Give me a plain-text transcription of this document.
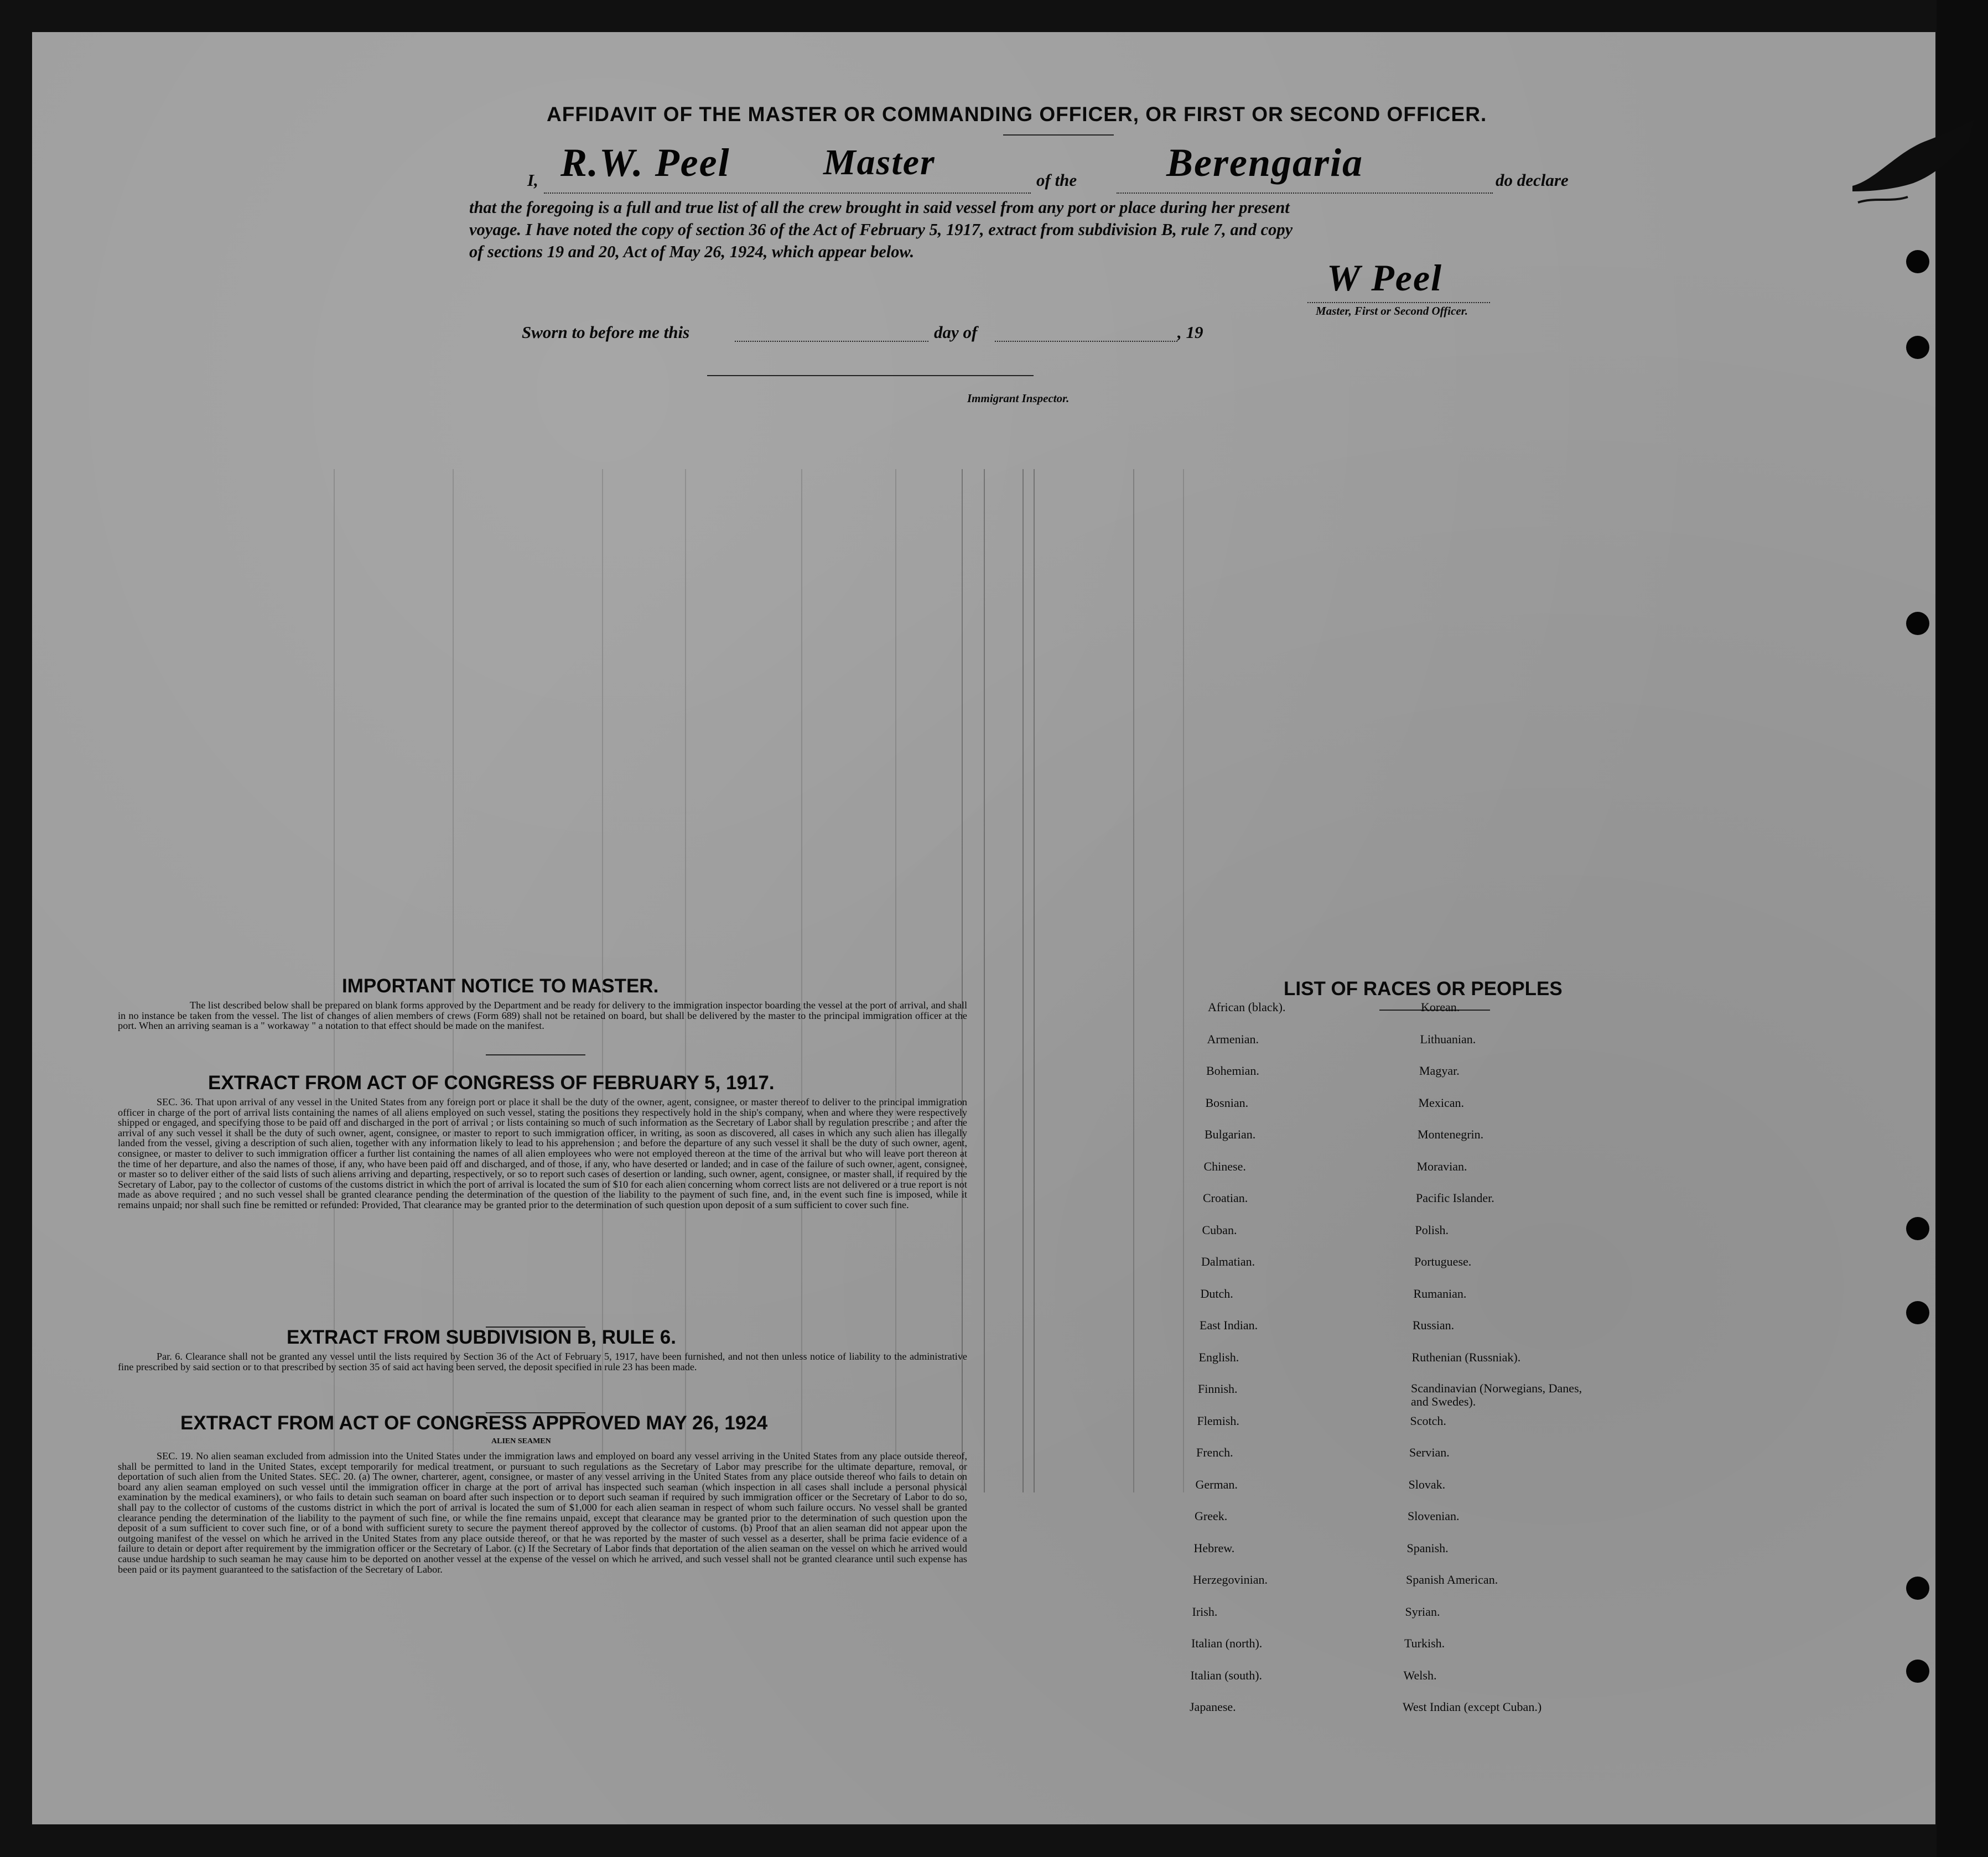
AFFIDAVIT OF THE MASTER OR COMMANDING OFFICER, OR FIRST OR SECOND OFFICER.
I, R.W. Peel	Master	of the Berengaria	do declare
that the foregoing is a full and true list of all the crew brought in said vessel from any port or place during her present
voyage. I have noted the copy of section 36 of the Act of February 5, 1917, extract from subdivision B, rule 7, and copy
of sections 19 and 20, Act of May 26, 1924, which appear below.
W Peel
Master, First or Second Officer.
Sworn to before me this	day of	, 19
Immigrant Inspector.
IMPORTANT NOTICE TO MASTER.
The list described below shall be prepared on blank forms approved by the Department and be ready for delivery to the immigration inspector boarding the vessel at the port of arrival, and shall in no instance be taken from the vessel. The list of changes of alien members of crews (Form 689) shall not be retained on board, but shall be delivered by the master to the principal immigration officer at the port. When an arriving seaman is a " workaway " a notation to that effect should be made on the manifest.
EXTRACT FROM ACT OF CONGRESS OF FEBRUARY 5, 1917.
SEC. 36. That upon arrival of any vessel in the United States from any foreign port or place it shall be the duty of the owner, agent, consignee, or master thereof to deliver to the principal immigration officer in charge of the port of arrival lists containing the names of all aliens employed on such vessel, stating the positions they respectively hold in the ship's company, when and where they were respectively shipped or engaged, and specifying those to be paid off and discharged in the port of arrival ; or lists containing so much of such information as the Secretary of Labor shall by regulation prescribe ; and after the arrival of any such vessel it shall be the duty of such owner, agent, consignee, or master to report to such immigration officer, in writing, as soon as discovered, all cases in which any such alien has illegally landed from the vessel, giving a description of such alien, together with any information likely to lead to his apprehension ; and before the departure of any such vessel it shall be the duty of such owner, agent, consignee, or master to deliver to such immigration officer a further list containing the names of all alien employees who were not employed thereon at the time of the arrival but who will leave port thereon at the time of her departure, and also the names of those, if any, who have been paid off and discharged, and of those, if any, who have deserted or landed; and in case of the failure of such owner, agent, consignee, or master so to deliver either of the said lists of such aliens arriving and departing, respectively, or so to report such cases of desertion or landing, such owner, agent, consignee, or master shall, if required by the Secretary of Labor, pay to the collector of customs of the customs district in which the port of arrival is located the sum of $10 for each alien concerning whom correct lists are not delivered or a true report is not made as above required ; and no such vessel shall be granted clearance pending the determination of the question of the liability to the payment of such fine, and, in the event such fine is imposed, while it remains unpaid; nor shall such fine be remitted or refunded: Provided, That clearance may be granted prior to the determination of such question upon deposit of a sum sufficient to cover such fine.
EXTRACT FROM SUBDIVISION B, RULE 6.
Par. 6. Clearance shall not be granted any vessel until the lists required by Section 36 of the Act of February 5, 1917, have been furnished, and not then unless notice of liability to the administrative fine prescribed by said section or to that prescribed by section 35 of said act having been served, the deposit specified in rule 23 has been made.
EXTRACT FROM ACT OF CONGRESS APPROVED MAY 26, 1924
ALIEN SEAMEN
SEC. 19. No alien seaman excluded from admission into the United States under the immigration laws and employed on board any vessel arriving in the United States from any place outside thereof, shall be permitted to land in the United States, except temporarily for medical treatment, or pursuant to such regulations as the Secretary of Labor may prescribe for the ultimate departure, removal, or deportation of such alien from the United States. SEC. 20. (a) The owner, charterer, agent, consignee, or master of any vessel arriving in the United States from any place outside thereof who fails to detain on board any alien seaman employed on such vessel until the immigration officer in charge at the port of arrival has inspected such seaman (which inspection in all cases shall include a personal physical examination by the medical examiners), or who fails to detain such seaman on board after such inspection or to deport such seaman if required by such immigration officer or the Secretary of Labor to do so, shall pay to the collector of customs of the customs district in which the port of arrival is located the sum of $1,000 for each alien seaman in respect of whom such failure occurs. No vessel shall be granted clearance pending the determination of the liability to the payment of such fine, or while the fine remains unpaid, except that clearance may be granted prior to the determination of such question upon the deposit of a sum sufficient to cover such fine, or of a bond with sufficient surety to secure the payment thereof approved by the collector of customs. (b) Proof that an alien seaman did not appear upon the outgoing manifest of the vessel on which he arrived in the United States from any place outside thereof, or that he was reported by the master of such vessel as a deserter, shall be prima facie evidence of a failure to detain or deport after requirement by the immigration officer or the Secretary of Labor. (c) If the Secretary of Labor finds that deportation of the alien seaman on the vessel on which he arrived would cause undue hardship to such seaman he may cause him to be deported on another vessel at the expense of the vessel on which he arrived, and such vessel shall not be granted clearance until such expense has been paid or its payment guaranteed to the satisfaction of the Secretary of Labor.
LIST OF RACES OR PEOPLES
African (black).
Armenian.
Bohemian.
Bosnian.
Bulgarian.
Chinese.
Croatian.
Cuban.
Dalmatian.
Dutch.
East Indian.
English.
Finnish.
Flemish.
French.
German.
Greek.
Hebrew.
Herzegovinian.
Irish.
Italian (north).
Italian (south).
Japanese.
Korean.
Lithuanian.
Magyar.
Mexican.
Montenegrin.
Moravian.
Pacific Islander.
Polish.
Portuguese.
Rumanian.
Russian.
Ruthenian (Russniak).
Scandinavian (Norwegians, Danes, and Swedes).
Scotch.
Servian.
Slovak.
Slovenian.
Spanish.
Spanish American.
Syrian.
Turkish.
Welsh.
West Indian (except Cuban.)
